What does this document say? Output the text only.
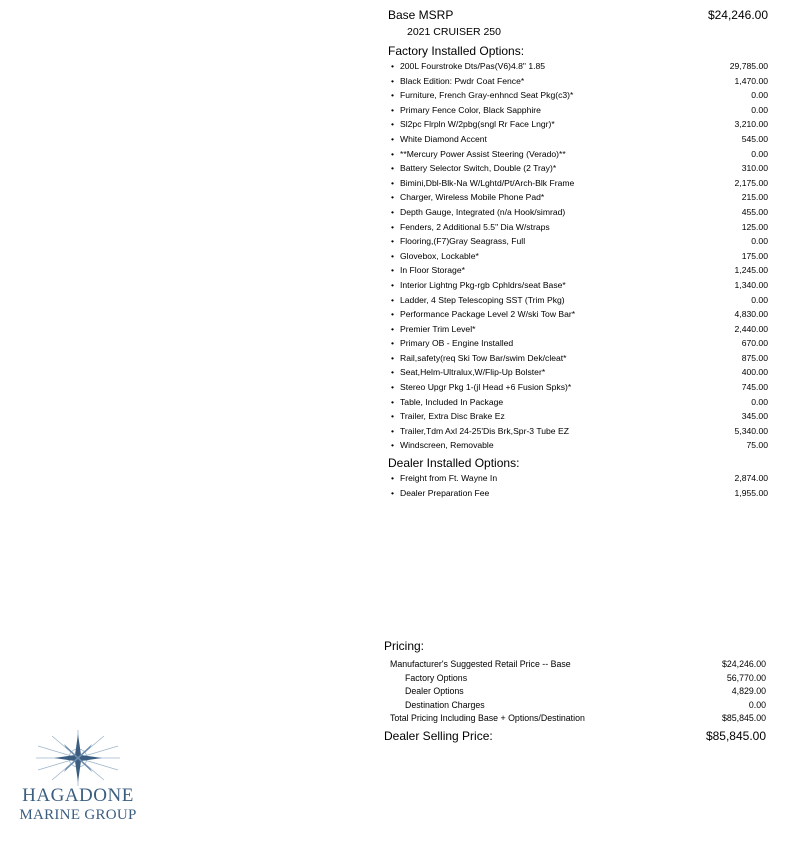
Base MSRP	$24,246.00
2021 CRUISER 250
Factory Installed Options:
• 200L Fourstroke Dts/Pas(V6)4.8" 1.85	29,785.00
• Black Edition: Pwdr Coat Fence*	1,470.00
• Furniture, French Gray-enhncd Seat Pkg(c3)*	0.00
• Primary Fence Color, Black Sapphire	0.00
• Sl2pc Flrpln W/2pbg(sngl Rr Face Lngr)*	3,210.00
• White Diamond Accent	545.00
• **Mercury Power Assist Steering (Verado)**	0.00
• Battery Selector Switch, Double (2 Tray)*	310.00
• Bimini,Dbl-Blk-Na W/Lghtd/Pt/Arch-Blk Frame	2,175.00
• Charger, Wireless Mobile Phone Pad*	215.00
• Depth Gauge, Integrated (n/a Hook/simrad)	455.00
• Fenders, 2 Additional 5.5" Dia W/straps	125.00
• Flooring,(F7)Gray Seagrass, Full	0.00
• Glovebox, Lockable*	175.00
• In Floor Storage*	1,245.00
• Interior Lightng Pkg-rgb Cphldrs/seat Base*	1,340.00
• Ladder, 4 Step Telescoping SST (Trim Pkg)	0.00
• Performance Package Level 2 W/ski Tow Bar*	4,830.00
• Premier Trim Level*	2,440.00
• Primary OB - Engine Installed	670.00
• Rail,safety(req Ski Tow Bar/swim Dek/cleat*	875.00
• Seat,Helm-Ultralux,W/Flip-Up Bolster*	400.00
• Stereo Upgr Pkg 1-(jl Head +6 Fusion Spks)*	745.00
• Table, Included In Package	0.00
• Trailer, Extra Disc Brake Ez	345.00
• Trailer,Tdm Axl 24-25'Dis Brk,Spr-3 Tube EZ	5,340.00
• Windscreen, Removable	75.00
Dealer Installed Options:
• Freight from Ft. Wayne In	2,874.00
• Dealer Preparation Fee	1,955.00
Pricing:
Manufacturer's Suggested Retail Price -- Base	$24,246.00
Factory Options	56,770.00
Dealer Options	4,829.00
Destination Charges	0.00
Total Pricing Including Base + Options/Destination	$85,845.00
Dealer Selling Price:	$85,845.00
HAGADONE
MARINE GROUP
